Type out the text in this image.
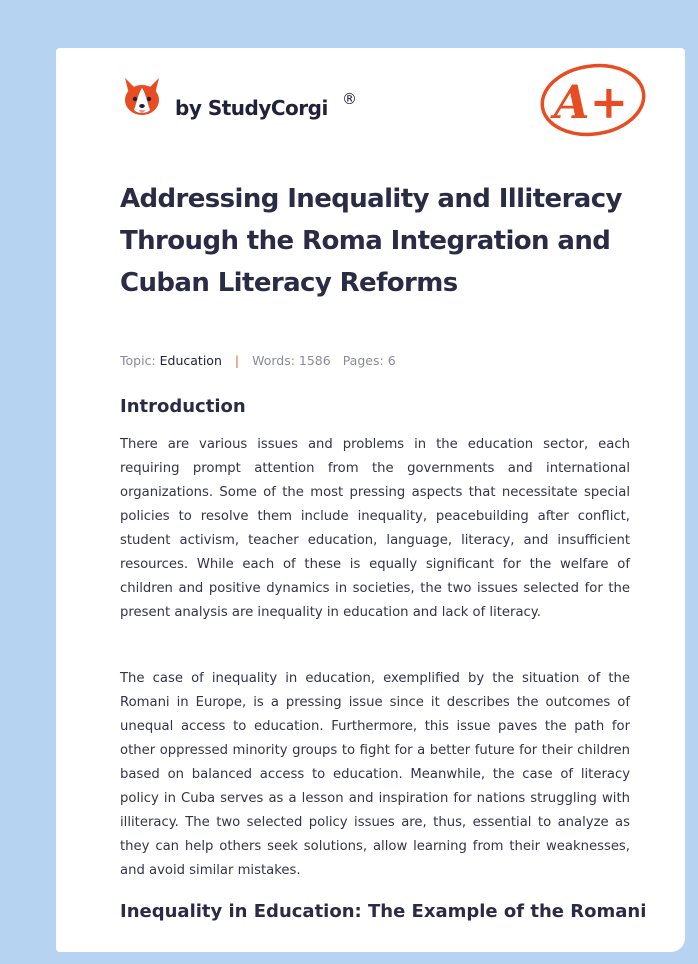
by StudyCorgi ®	A+
Addressing Inequality and Illiteracy Through the Roma Integration and Cuban Literacy Reforms
Topic: Education | Words: 1586 Pages: 6
Introduction

There are various issues and problems in the education sector, each requiring prompt attention from the governments and international organizations. Some of the most pressing aspects that necessitate special policies to resolve them include inequality, peacebuilding after conflict, student activism, teacher education, language, literacy, and insufficient resources. While each of these is equally significant for the welfare of children and positive dynamics in societies, the two issues selected for the present analysis are inequality in education and lack of literacy.

The case of inequality in education, exemplified by the situation of the Romani in Europe, is a pressing issue since it describes the outcomes of unequal access to education. Furthermore, this issue paves the path for other oppressed minority groups to fight for a better future for their children based on balanced access to education. Meanwhile, the case of literacy policy in Cuba serves as a lesson and inspiration for nations struggling with illiteracy. The two selected policy issues are, thus, essential to analyze as they can help others seek solutions, allow learning from their weaknesses, and avoid similar mistakes.

Inequality in Education: The Example of the Romani
